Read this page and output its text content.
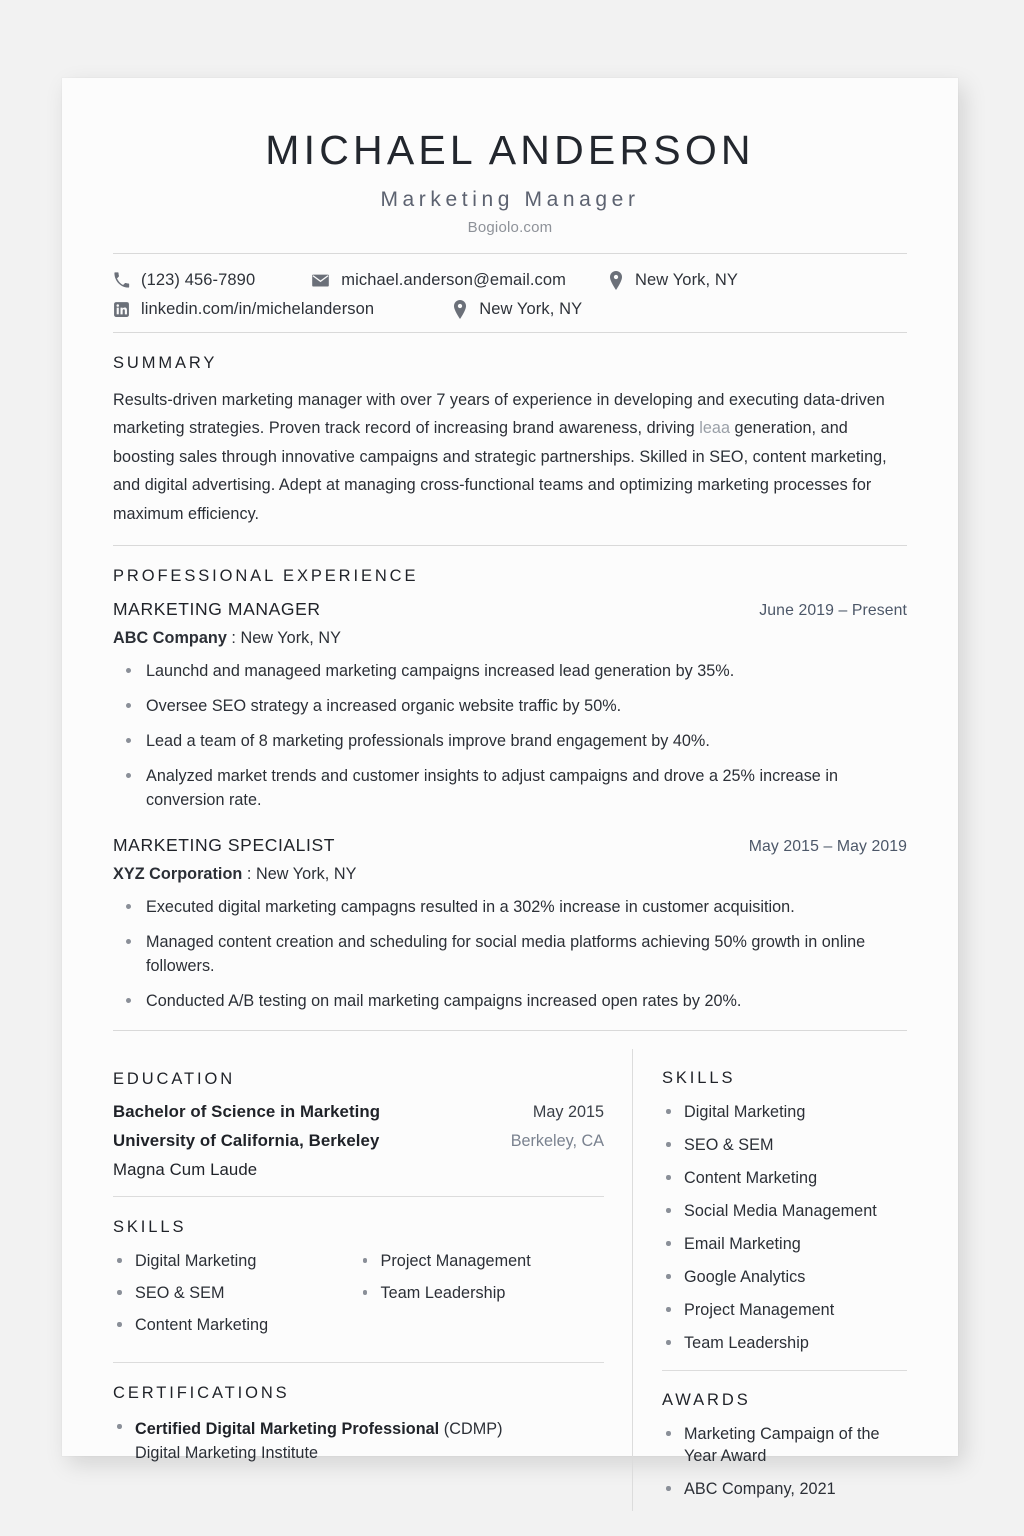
MICHAEL ANDERSON
Marketing Manager
Bogiolo.com
(123) 456-7890	michael.anderson@email.com	New York, NY
linkedin.com/in/michelanderson	New York, NY
SUMMARY

Results-driven marketing manager with over 7 years of experience in developing and executing data-driven marketing strategies. Proven track record of increasing brand awareness, driving leaa generation, and boosting sales through innovative campaigns and strategic partnerships. Skilled in SEO, content marketing, and digital advertising. Adept at managing cross-functional teams and optimizing marketing processes for maximum efficiency.

PROFESSIONAL EXPERIENCE
MARKETING MANAGER	June 2019 – Present
ABC Company : New York, NY
Launchd and manageed marketing campaigns increased lead generation by 35%.
Oversee SEO strategy a increased organic website traffic by 50%.
Lead a team of 8 marketing professionals improve brand engagement by 40%.
Analyzed market trends and customer insights to adjust campaigns and drove a 25% increase in conversion rate.
MARKETING SPECIALIST	May 2015 – May 2019
XYZ Corporation : New York, NY
Executed digital marketing campagns resulted in a 302% increase in customer acquisition.
Managed content creation and scheduling for social media platforms achieving 50% growth in online followers.
Conducted A/B testing on mail marketing campaigns increased open rates by 20%.
EDUCATION
Bachelor of Science in Marketing	May 2015
University of California, Berkeley	Berkeley, CA
Magna Cum Laude
SKILLS
Digital Marketing
SEO & SEM
Content Marketing
Project Management
Team Leadership
CERTIFICATIONS
Certified Digital Marketing Professional (CDMP)
Digital Marketing Institute
SKILLS
Digital Marketing
SEO & SEM
Content Marketing
Social Media Management
Email Marketing
Google Analytics
Project Management
Team Leadership
AWARDS
Marketing Campaign of the Year Award
ABC Company, 2021
